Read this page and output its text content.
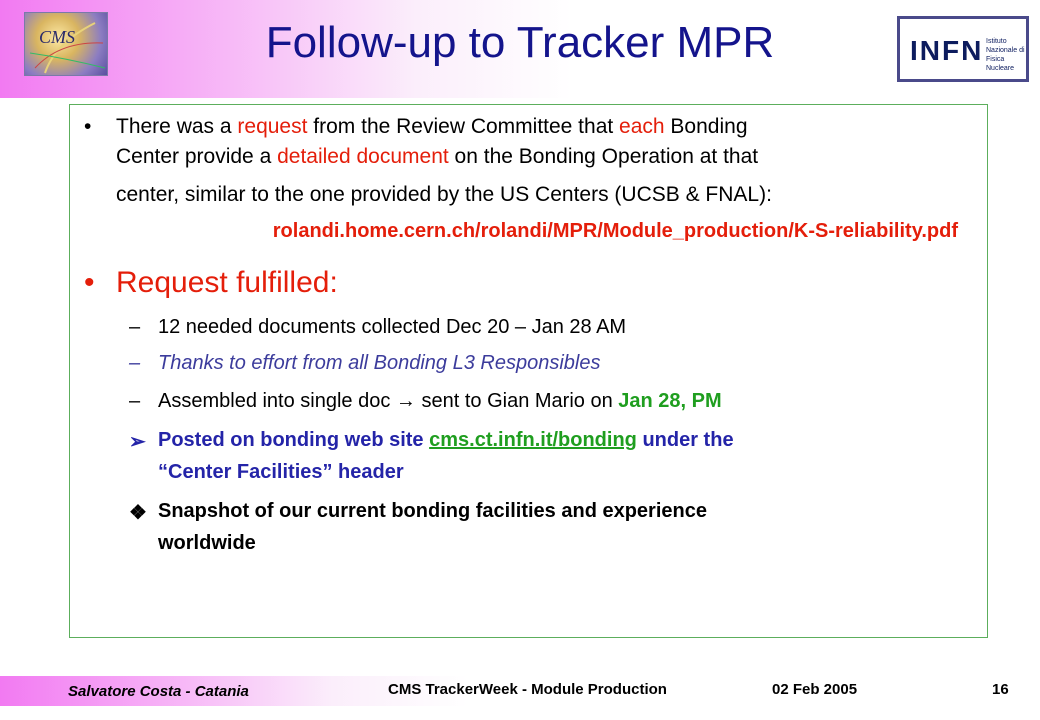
CMS	Follow-up to Tracker MPR	INFN Istituto Nazionale di Fisica Nucleare
• There was a request from the Review Committee that each Bonding
Center provide a detailed document on the Bonding Operation at that
center, similar to the one provided by the US Centers (UCSB & FNAL):
rolandi.home.cern.ch/rolandi/MPR/Module_production/K-S-reliability.pdf
• Request fulfilled:
– 12 needed documents collected Dec 20 – Jan 28 AM
– Thanks to effort from all Bonding L3 Responsibles
– Assembled into single doc → sent to Gian Mario on Jan 28, PM
➢ Posted on bonding web site cms.ct.infn.it/bonding under the
“Center Facilities” header
❖ Snapshot of our current bonding facilities and experience
worldwide
Salvatore Costa - Catania	CMS TrackerWeek - Module Production	02 Feb 2005	16
